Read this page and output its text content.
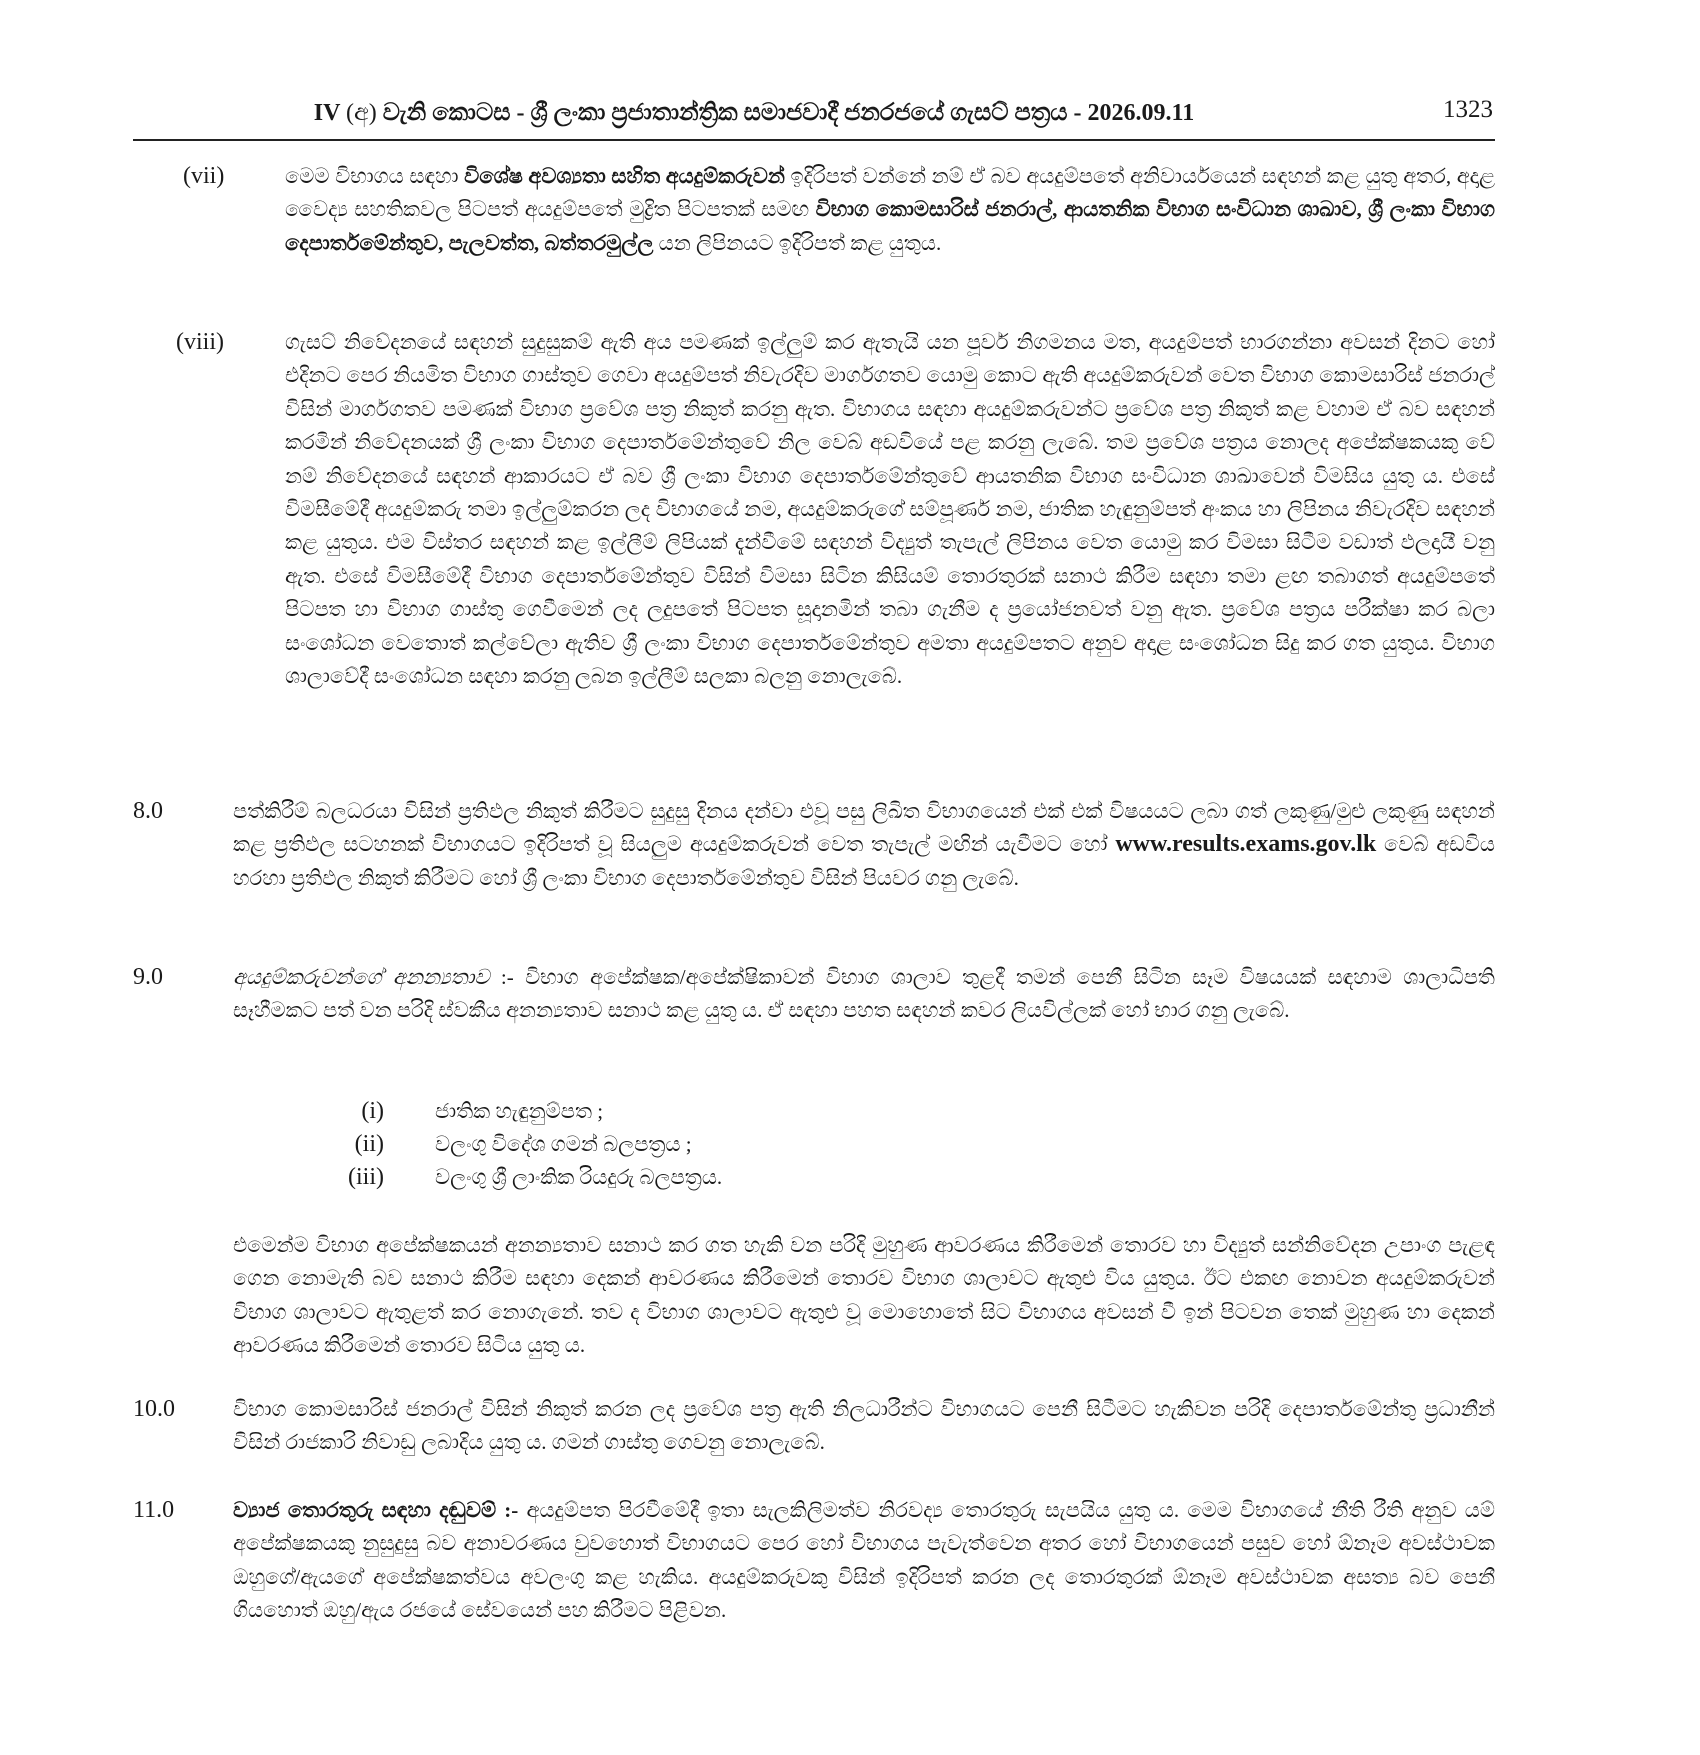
IV (අ) වැනි කොටස - ශ්‍රී ලංකා ප්‍රජාතාන්ත්‍රික සමාජවාදී ජනරජයේ ගැසට් පත්‍රය - 2026.09.11	1323
(vii)	මෙම විභාගය සඳහා විශේෂ අවශ්‍යතා සහිත අයදුම්කරුවන් ඉදිරිපත් වන්නේ නම් ඒ බව අයදුම්පතේ අනිවාර්යයෙන් සඳහන් කළ යුතු අතර, අදාළ වෛද්‍ය සහතිකවල පිටපත් අයදුම්පතේ මුද්‍රිත පිටපතක් සමඟ විභාග කොමසාරිස් ජනරාල්, ආයතනික විභාග සංවිධාන ශාඛාව, ශ්‍රී ලංකා විභාග දෙපාර්තමේන්තුව, පැලවත්ත, බත්තරමුල්ල යන ලිපිනයට ඉදිරිපත් කළ යුතුය.

(viii)	ගැසට් නිවේදනයේ සඳහන් සුදුසුකම් ඇති අය පමණක් ඉල්ලුම් කර ඇතැයි යන පූර්ව නිගමනය මත, අයදුම්පත් භාරගන්නා අවසන් දිනට හෝ එදිනට පෙර නියමිත විභාග ගාස්තුව ගෙවා අයදුම්පත් නිවැරදිව මාර්ගගතව යොමු කොට ඇති අයදුම්කරුවන් වෙත විභාග කොමසාරිස් ජනරාල් විසින් මාර්ගගතව පමණක් විභාග ප්‍රවේශ පත්‍ර නිකුත් කරනු ඇත. විභාගය සඳහා අයදුම්කරුවන්ට ප්‍රවේශ පත්‍ර නිකුත් කළ වහාම ඒ බව සඳහන් කරමින් නිවේදනයක් ශ්‍රී ලංකා විභාග දෙපාර්තමේන්තුවේ නිල වෙබ් අඩවියේ පළ කරනු ලැබේ. තම ප්‍රවේශ පත්‍රය නොලද අපේක්ෂකයකු වේ නම් නිවේදනයේ සඳහන් ආකාරයට ඒ බව ශ්‍රී ලංකා විභාග දෙපාර්තමේන්තුවේ ආයතනික විභාග සංවිධාන ශාඛාවෙන් විමසිය යුතු ය. එසේ විමසීමේදී අයදුම්කරු තමා ඉල්ලුම්කරන ලද විභාගයේ නම, අයදුම්කරුගේ සම්පූර්ණ නම, ජාතික හැඳුනුම්පත් අංකය හා ලිපිනය නිවැරදිව සඳහන් කළ යුතුය. එම විස්තර සඳහන් කළ ඉල්ලීම් ලිපියක් දැන්වීමේ සඳහන් විද්‍යුත් තැපැල් ලිපිනය වෙත යොමු කර විමසා සිටීම වඩාත් ඵලදායී වනු ඇත. එසේ විමසීමේදී විභාග දෙපාර්තමේන්තුව විසින් විමසා සිටින කිසියම් තොරතුරක් සනාථ කිරීම සඳහා තමා ළඟ තබාගත් අයදුම්පතේ පිටපත හා විභාග ගාස්තු ගෙවීමෙන් ලද ලදුපතේ පිටපත සූදානමින් තබා ගැනීම ද ප්‍රයෝජනවත් වනු ඇත. ප්‍රවේශ පත්‍රය පරීක්ෂා කර බලා සංශෝධන වෙතොත් කල්වේලා ඇතිව ශ්‍රී ලංකා විභාග දෙපාර්තමේන්තුව අමතා අයදුම්පතට අනුව අදාළ සංශෝධන සිදු කර ගත යුතුය. විභාග ශාලාවේදී සංශෝධන සඳහා කරනු ලබන ඉල්ලීම් සලකා බලනු නොලැබේ.

8.0	පත්කිරීම් බලධරයා විසින් ප්‍රතිඵල නිකුත් කිරීමට සුදුසු දිනය දන්වා එවූ පසු ලිඛිත විභාගයෙන් එක් එක් විෂයයට ලබා ගත් ලකුණු/මුළු ලකුණු සඳහන් කළ ප්‍රතිඵල සටහනක් විභාගයට ඉදිරිපත් වූ සියලුම අයදුම්කරුවන් වෙත තැපැල් මඟින් යැවීමට හෝ www.results.exams.gov.lk වෙබ් අඩවිය හරහා ප්‍රතිඵල නිකුත් කිරීමට හෝ ශ්‍රී ලංකා විභාග දෙපාර්තමේන්තුව විසින් පියවර ගනු ලැබේ.

9.0	අයදුම්කරුවන්ගේ අනන්‍යතාව :- විභාග අපේක්ෂක/අපේක්ෂිකාවන් විභාග ශාලාව තුළදී තමන් පෙනී සිටින සෑම විෂයයක් සඳහාම ශාලාධිපති සෑහීමකට පත් වන පරිදි ස්වකීය අනන්‍යතාව සනාථ කළ යුතු ය. ඒ සඳහා පහත සඳහන් කවර ලියවිල්ලක් හෝ භාර ගනු ලැබේ.

(i) ජාතික හැඳුනුම්පත ;
(ii) වලංගු විදේශ ගමන් බලපත්‍රය ;
(iii) වලංගු ශ්‍රී ලාංකික රියදුරු බලපත්‍රය.

එමෙන්ම විභාග අපේක්ෂකයන් අනන්‍යතාව සනාථ කර ගත හැකි වන පරිදි මුහුණ ආවරණය කිරීමෙන් තොරව හා විද්‍යුත් සන්නිවේදන උපාංග පැළඳ ගෙන නොමැති බව සනාථ කිරීම සඳහා දෙකන් ආවරණය කිරීමෙන් තොරව විභාග ශාලාවට ඇතුළු විය යුතුය. ඊට එකඟ නොවන අයදුම්කරුවන් විභාග ශාලාවට ඇතුළත් කර නොගැනේ. තව ද විභාග ශාලාවට ඇතුළු වූ මොහොතේ සිට විභාගය අවසන් වී ඉන් පිටවන තෙක් මුහුණ හා දෙකන් ආවරණය කිරීමෙන් තොරව සිටිය යුතු ය.

10.0	විභාග කොමසාරිස් ජනරාල් විසින් නිකුත් කරන ලද ප්‍රවේශ පත්‍ර ඇති නිලධාරීන්ට විභාගයට පෙනී සිටීමට හැකිවන පරිදි දෙපාර්තමේන්තු ප්‍රධානීන් විසින් රාජකාරි නිවාඩු ලබාදිය යුතු ය. ගමන් ගාස්තු ගෙවනු නොලැබේ.

11.0	ව්‍යාජ තොරතුරු සඳහා දඬුවම් :- අයදුම්පත පිරවීමේදී ඉතා සැලකිලිමත්ව නිරවද්‍ය තොරතුරු සැපයිය යුතු ය. මෙම විභාගයේ නීති රීති අනුව යම් අපේක්ෂකයකු නුසුදුසු බව අනාවරණය වුවහොත් විභාගයට පෙර හෝ විභාගය පැවැත්වෙන අතර හෝ විභාගයෙන් පසුව හෝ ඕනෑම අවස්ථාවක ඔහුගේ/ඇයගේ අපේක්ෂකත්වය අවලංගු කළ හැකිය. අයදුම්කරුවකු විසින් ඉදිරිපත් කරන ලද තොරතුරක් ඕනෑම අවස්ථාවක අසත්‍ය බව පෙනී ගියහොත් ඔහු/ඇය රජයේ සේවයෙන් පහ කිරීමට පිළිවන.
